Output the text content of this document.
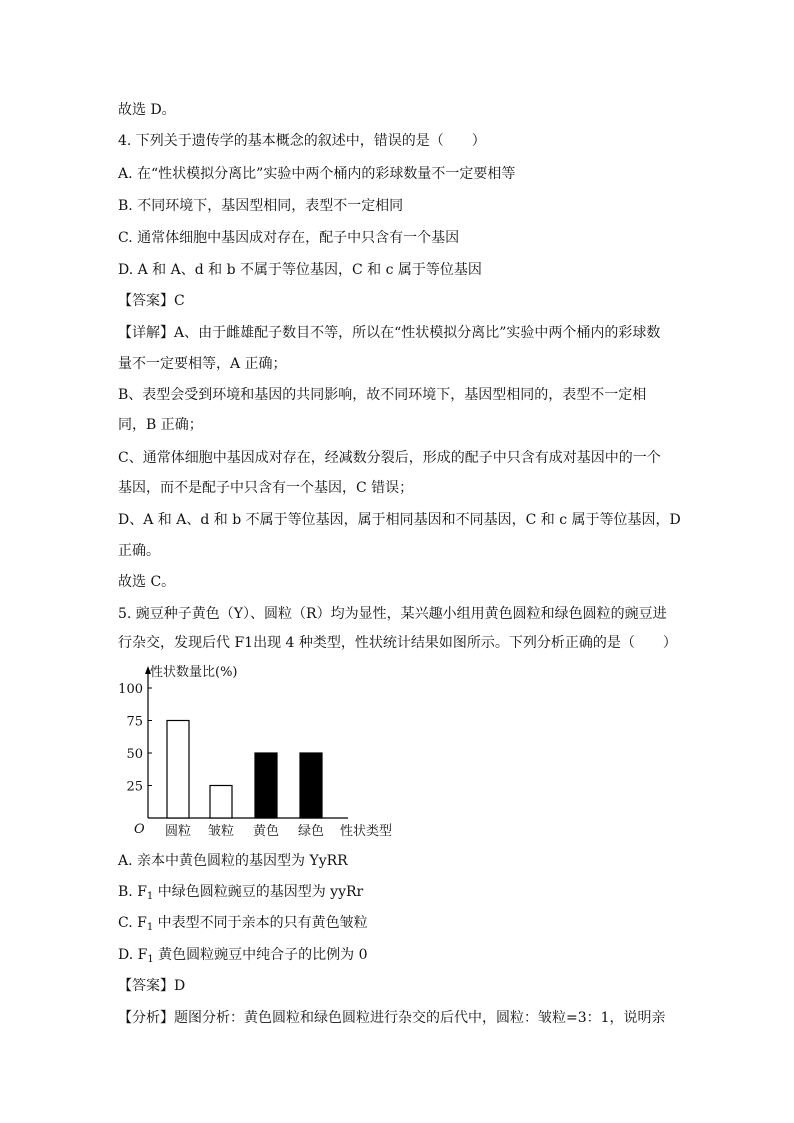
故选 D。
4. 下列关于遗传学的基本概念的叙述中，错误的是（　　）
A. 在“性状模拟分离比”实验中两个桶内的彩球数量不一定要相等
B. 不同环境下，基因型相同，表型不一定相同
C. 通常体细胞中基因成对存在，配子中只含有一个基因
D. A 和 A、d 和 b 不属于等位基因，C 和 c 属于等位基因
【答案】C
【详解】A、由于雌雄配子数目不等，所以在“性状模拟分离比”实验中两个桶内的彩球数
量不一定要相等，A 正确；
B、表型会受到环境和基因的共同影响，故不同环境下，基因型相同的，表型不一定相
同，B 正确；
C、通常体细胞中基因成对存在，经减数分裂后，形成的配子中只含有成对基因中的一个
基因，而不是配子中只含有一个基因，C 错误；
D、A 和 A、d 和 b 不属于等位基因，属于相同基因和不同基因，C 和 c 属于等位基因，D
正确。
故选 C。
5. 豌豆种子黄色（Y）、圆粒（R）均为显性，某兴趣小组用黄色圆粒和绿色圆粒的豌豆进
行杂交，发现后代 F1出现 4 种类型，性状统计结果如图所示。下列分析正确的是（　　）
性状数量比(%)
O
25
50
75
100
圆粒 皱粒 黄色 绿色 性状类型
A. 亲本中黄色圆粒的基因型为 YyRR
B. $F_1$ 中绿色圆粒豌豆的基因型为 yyRr
C. $F_1$ 中表型不同于亲本的只有黄色皱粒
D. $F_1$ 黄色圆粒豌豆中纯合子的比例为 0
【答案】D
【分析】题图分析：黄色圆粒和绿色圆粒进行杂交的后代中，圆粒：皱粒=3：1，说明亲
